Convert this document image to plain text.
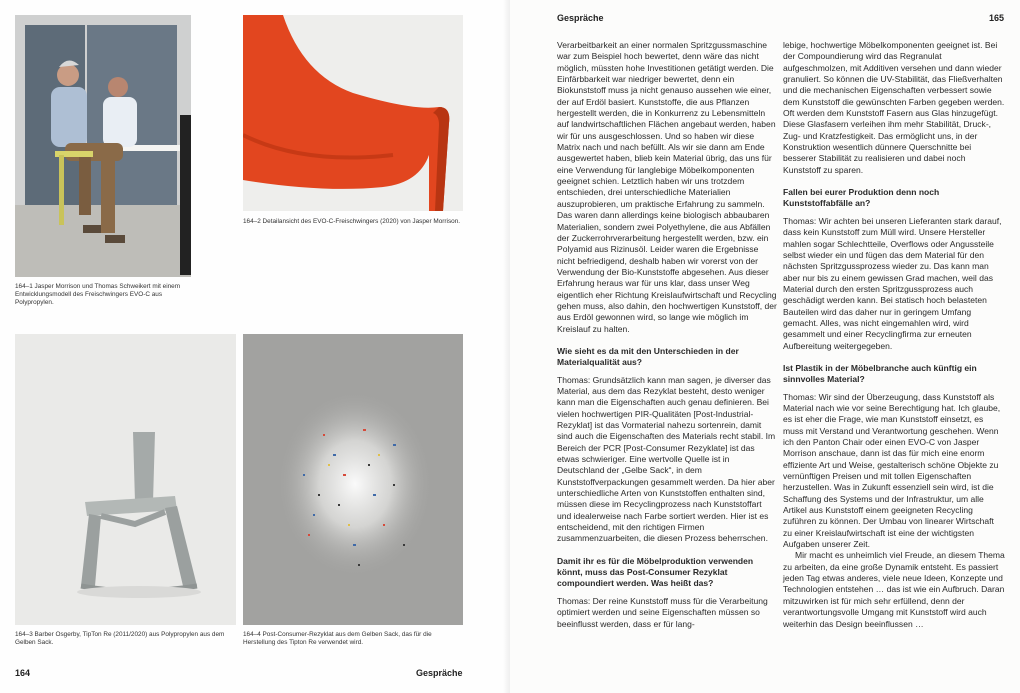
164–1 Jasper Morrison und Thomas Schweikert mit einem Entwicklungsmodell des Freischwingers EVO-C aus Polypropylen.
164–2 Detailansicht des EVO-C-Freischwingers (2020) von Jasper Morrison.
164–3 Barber Osgerby, TipTon Re (2011/2020) aus Polypropylen aus dem Gelben Sack.
164–4 Post-Consumer-Rezyklat aus dem Gelben Sack, das für die Herstellung des Tipton Re verwendet wird.
164	Gespräche
Gespräche	165

Verarbeitbarkeit an einer normalen Spritzgussmaschine war zum Beispiel hoch bewertet, denn wäre das nicht möglich, müssten hohe Investitionen getätigt werden. Die Einfärbbarkeit war niedriger bewertet, denn ein Biokunststoff muss ja nicht genauso aussehen wie einer, der auf Erdöl basiert. Kunststoffe, die aus Pflanzen hergestellt werden, die in Konkurrenz zu Lebensmitteln auf landwirtschaftlichen Flächen angebaut werden, haben wir für uns ausgeschlossen. Und so haben wir diese Matrix nach und nach befüllt. Als wir sie dann am Ende ausgewertet haben, blieb kein Material übrig, das uns für eine Verwendung für langlebige Möbelkomponenten geeignet schien. Letztlich haben wir uns trotzdem entschieden, drei unterschiedliche Materialien auszuprobieren, um praktische Erfahrung zu sammeln. Das waren dann allerdings keine biologisch abbaubaren Materialien, sondern zwei Polyethylene, die aus Abfällen der Zuckerrohrverarbeitung hergestellt werden, bzw. ein Polyamid aus Rizinusöl. Leider waren die Ergebnisse nicht befriedigend, deshalb haben wir vorerst von der Verwendung der Bio-Kunststoffe abgesehen. Aus dieser Erfahrung heraus war für uns klar, dass unser Weg eigentlich eher Richtung Kreislaufwirtschaft und Recycling gehen muss, also dahin, den hochwertigen Kunststoff, der aus Erdöl gewonnen wird, so lange wie möglich im Kreislauf zu halten.

Wie sieht es da mit den Unterschieden in der Materialqualität aus?

Thomas: Grundsätzlich kann man sagen, je diverser das Material, aus dem das Rezyklat besteht, desto weniger kann man die Eigenschaften auch genau definieren. Bei vielen hochwertigen PIR-Qualitäten [Post-Industrial-Rezyklat] ist das Vormaterial nahezu sortenrein, damit sind auch die Eigenschaften des Materials recht stabil. Im Bereich der PCR [Post-Consumer Rezyklate] ist das etwas schwieriger. Eine wertvolle Quelle ist in Deutschland der „Gelbe Sack“, in dem Kunststoffverpackungen gesammelt werden. Da hier aber unterschiedliche Arten von Kunststoffen enthalten sind, müssen diese im Recyclingprozess nach Kunststoffart und idealerweise nach Farbe sortiert werden. Hier ist es entscheidend, mit den richtigen Firmen zusammenzuarbeiten, die diesen Prozess beherrschen.

Damit ihr es für die Möbelproduktion verwenden könnt, muss das Post-Consumer Rezyklat compoundiert werden. Was heißt das?

Thomas: Der reine Kunststoff muss für die Verarbeitung optimiert werden und seine Eigenschaften müssen so beeinflusst werden, dass er für lang-

lebige, hochwertige Möbelkomponenten geeignet ist. Bei der Compoundierung wird das Regranulat aufgeschmolzen, mit Additiven versehen und dann wieder granuliert. So können die UV-Stabilität, das Fließverhalten und die mechanischen Eigenschaften verbessert sowie dem Kunststoff die gewünschten Farben gegeben werden. Oft werden dem Kunststoff Fasern aus Glas hinzugefügt. Diese Glasfasern verleihen ihm mehr Stabilität, Druck-, Zug- und Kratzfestigkeit. Das ermöglicht uns, in der Konstruktion wesentlich dünnere Querschnitte bei besserer Stabilität zu realisieren und dabei noch Kunststoff zu sparen.

Fallen bei eurer Produktion denn noch Kunststoffabfälle an?

Thomas: Wir achten bei unseren Lieferanten stark darauf, dass kein Kunststoff zum Müll wird. Unsere Hersteller mahlen sogar Schlechtteile, Overflows oder Angussteile selbst wieder ein und fügen das dem Material für den nächsten Spritzgussprozess wieder zu. Das kann man aber nur bis zu einem gewissen Grad machen, weil das Material durch den ersten Spritzgussprozess auch geschädigt werden kann. Bei statisch hoch belasteten Bauteilen wird das daher nur in geringem Umfang gemacht. Alles, was nicht eingemahlen wird, wird gesammelt und einer Recyclingfirma zur erneuten Aufbereitung weitergegeben.

Ist Plastik in der Möbelbranche auch künftig ein sinnvolles Material?

Thomas: Wir sind der Überzeugung, dass Kunststoff als Material nach wie vor seine Berechtigung hat. Ich glaube, es ist eher die Frage, wie man Kunststoff einsetzt, es muss mit Verstand und Verantwortung geschehen. Wenn ich den Panton Chair oder einen EVO-C von Jasper Morrison anschaue, dann ist das für mich eine enorm effiziente Art und Weise, gestalterisch schöne Objekte zu vernünftigen Preisen und mit tollen Eigenschaften herzustellen. Was in Zukunft essenziell sein wird, ist die Schaffung des Systems und der Infrastruktur, um alle Artikel aus Kunststoff einem geeigneten Recycling zuführen zu können. Der Umbau von linearer Wirtschaft zu einer Kreislaufwirtschaft ist eine der wichtigsten Aufgaben unserer Zeit.

Mir macht es unheimlich viel Freude, an diesem Thema zu arbeiten, da eine große Dynamik entsteht. Es passiert jeden Tag etwas anderes, viele neue Ideen, Konzepte und Technologien entstehen … das ist wie ein Aufbruch. Daran mitzuwirken ist für mich sehr erfüllend, denn der verantwortungsvolle Umgang mit Kunststoff wird auch weiterhin das Design beeinflussen …
